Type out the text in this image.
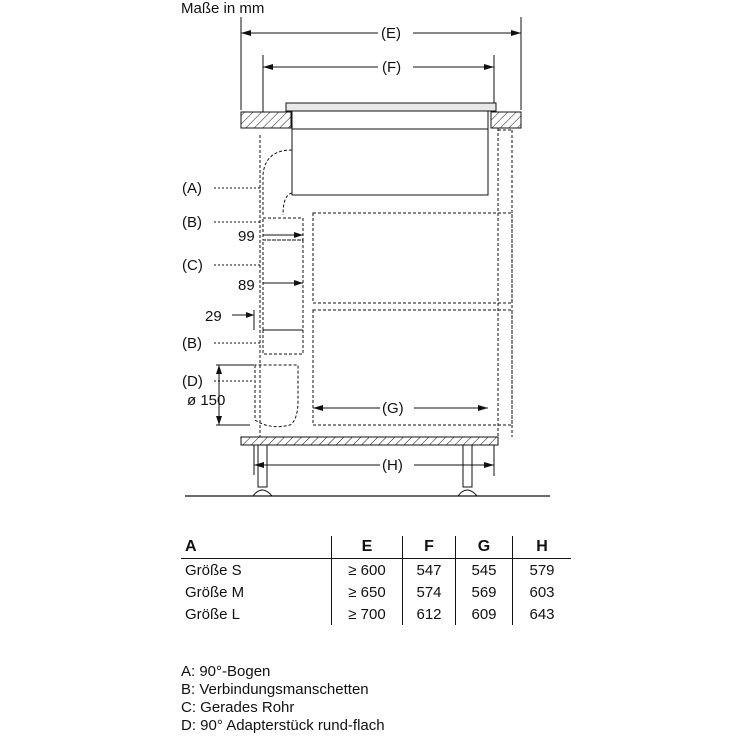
Maße in mm
(E)
(F)
(A)
(B)
(C)
(B)
(D)
99
89
29
ø 150	(G)
(H)
A	E	F	G	H
Größe S	≥ 600	547	545	579
Größe M	≥ 650	574	569	603
Größe L	≥ 700	612	609	643
A: 90°-Bogen
B: Verbindungsmanschetten
C: Gerades Rohr
D: 90° Adapterstück rund-flach
